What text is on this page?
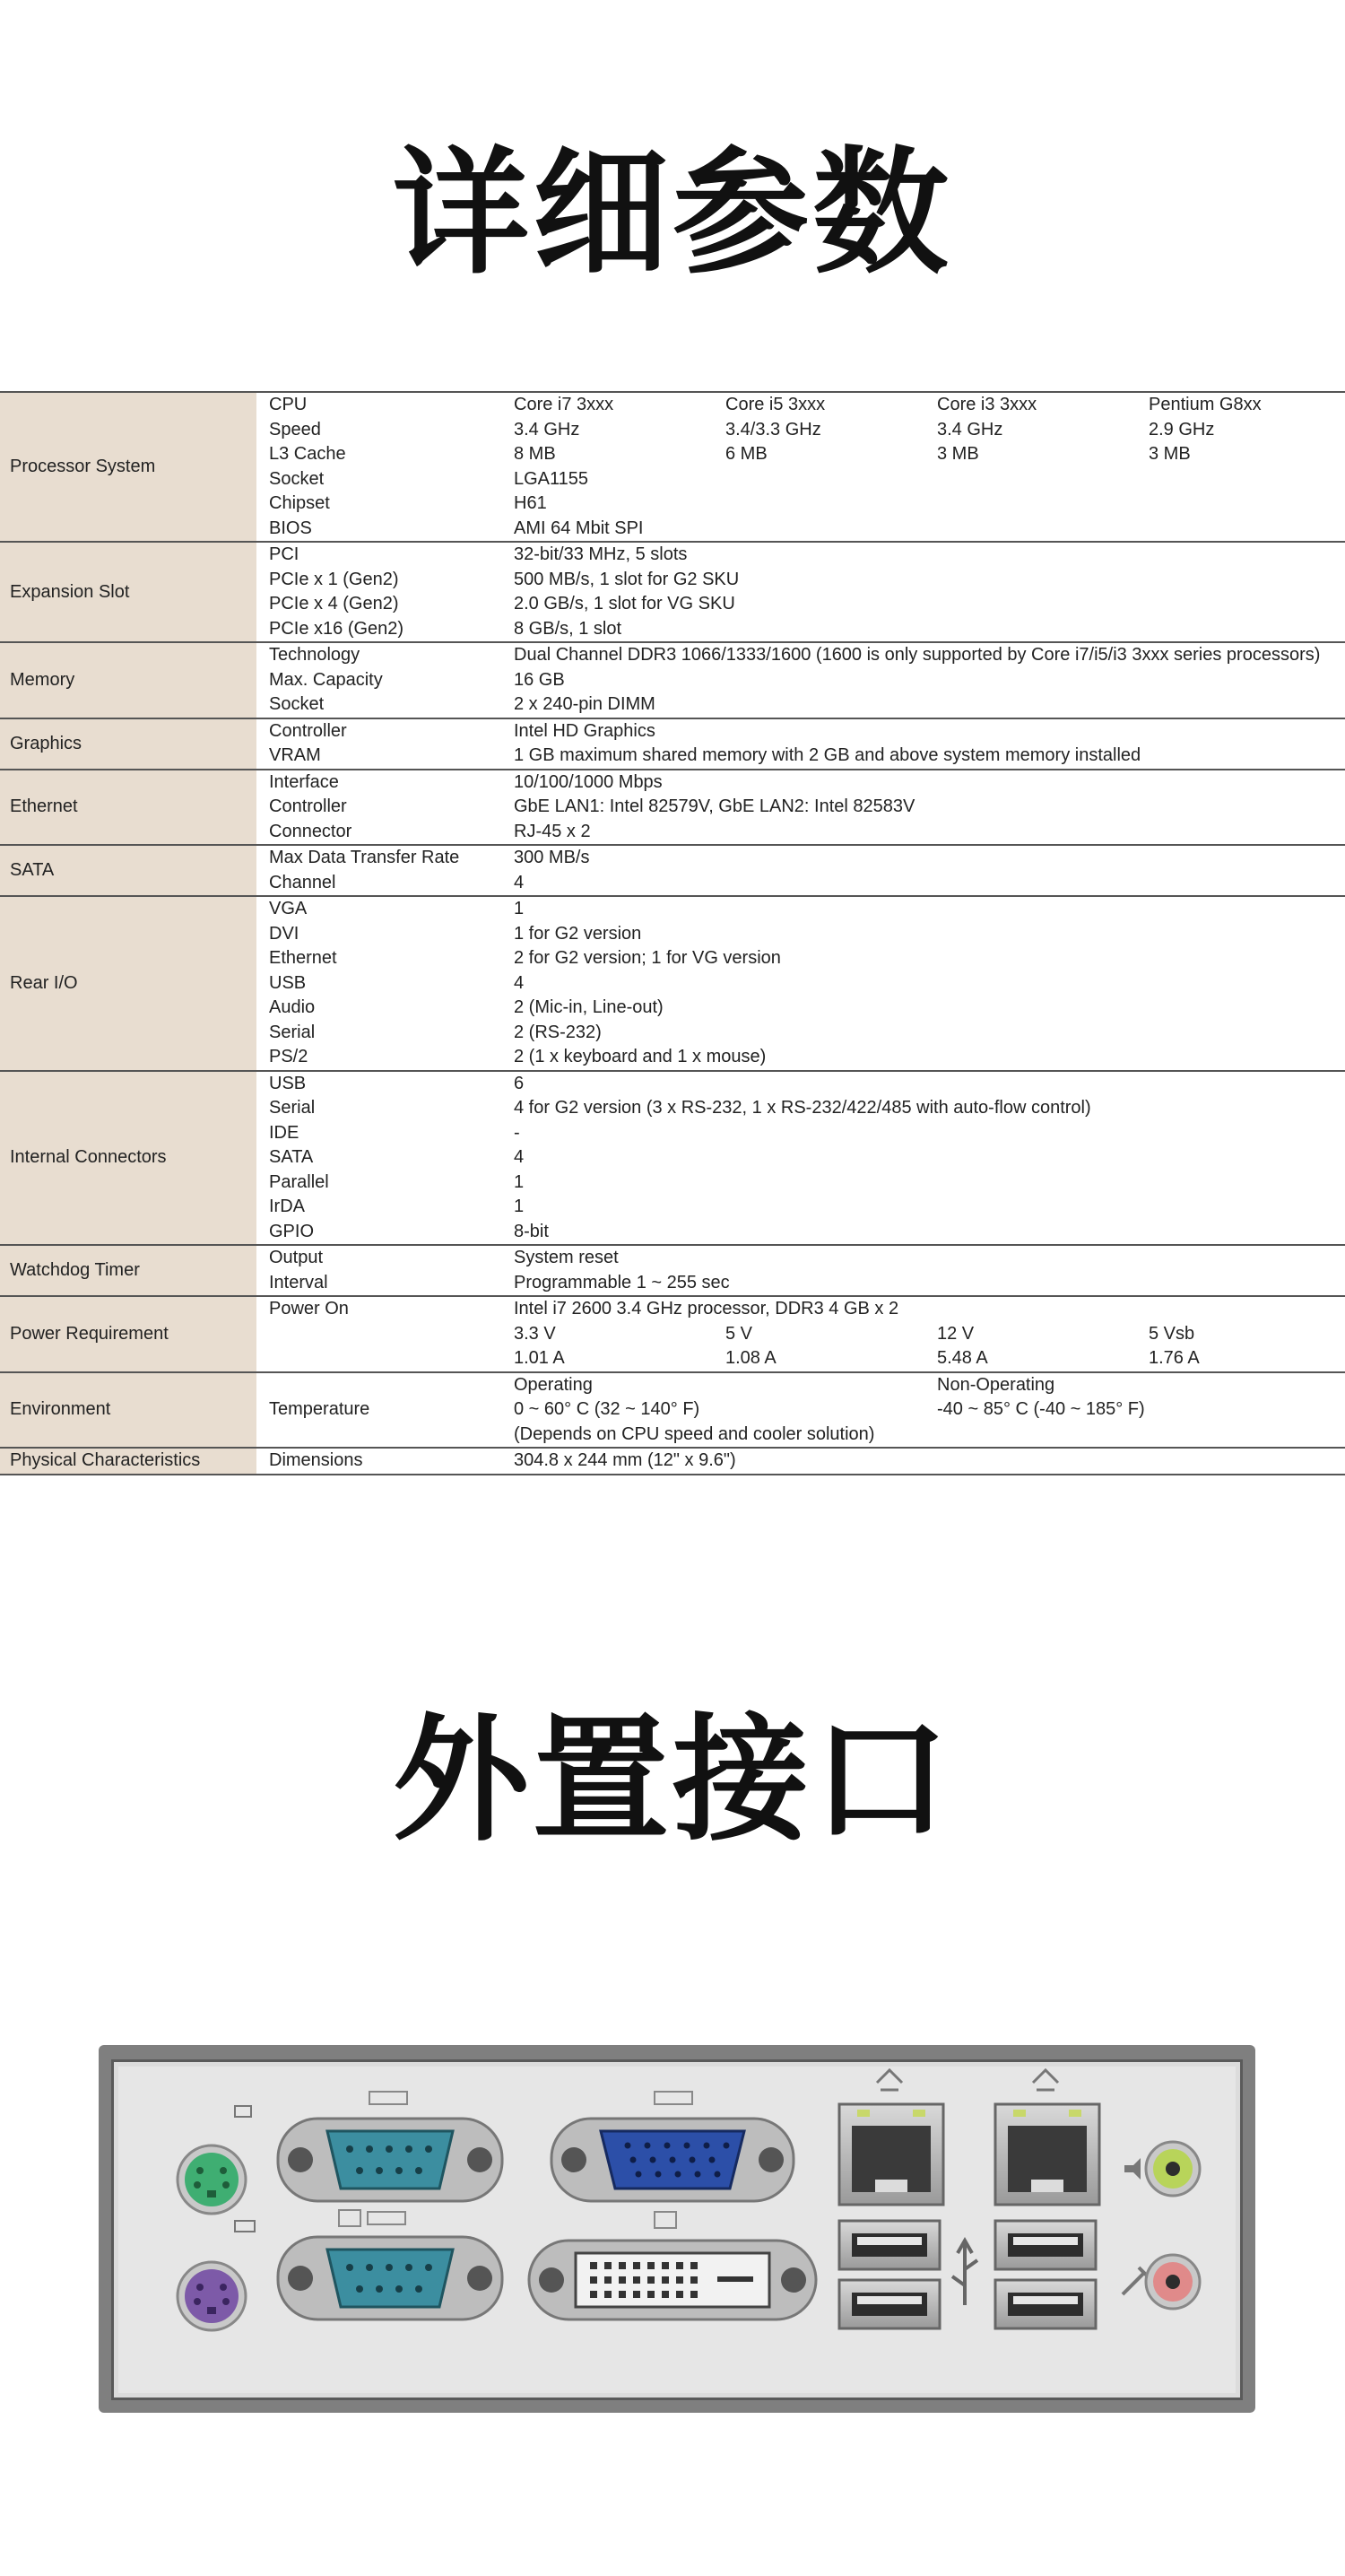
详细参数
Processor System
CPU	Core i7 3xxx	Core i5 3xxx	Core i3 3xxx	Pentium G8xx
Speed	3.4 GHz	3.4/3.3 GHz	3.4 GHz	2.9 GHz
L3 Cache	8 MB	6 MB	3 MB	3 MB
Socket	LGA1155
Chipset	H61
BIOS	AMI 64 Mbit SPI
Expansion Slot
PCI	32-bit/33 MHz, 5 slots
PCIe x 1 (Gen2)	500 MB/s, 1 slot for G2 SKU
PCIe x 4 (Gen2)	2.0 GB/s, 1 slot for VG SKU
PCIe x16 (Gen2)	8 GB/s, 1 slot
Memory
Technology	Dual Channel DDR3 1066/1333/1600 (1600 is only supported by Core i7/i5/i3 3xxx series processors)
Max. Capacity	16 GB
Socket	2 x 240-pin DIMM
Graphics
Controller	Intel HD Graphics
VRAM	1 GB maximum shared memory with 2 GB and above system memory installed
Ethernet
Interface	10/100/1000 Mbps
Controller	GbE LAN1: Intel 82579V, GbE LAN2: Intel 82583V
Connector	RJ-45 x 2
SATA
Max Data Transfer Rate	300 MB/s
Channel	4
Rear I/O
VGA	1
DVI	1 for G2 version
Ethernet	2 for G2 version; 1 for VG version
USB	4
Audio	2 (Mic-in, Line-out)
Serial	2 (RS-232)
PS/2	2 (1 x keyboard and 1 x mouse)
Internal Connectors
USB	6
Serial	4 for G2 version (3 x RS-232, 1 x RS-232/422/485 with auto-flow control)
IDE	-
SATA	4
Parallel	1
IrDA	1
GPIO	8-bit
Watchdog Timer
Output	System reset
Interval	Programmable 1 ~ 255 sec
Power Requirement
Power On	Intel i7 2600 3.4 GHz processor, DDR3 4 GB x 2
3.3 V	5 V	12 V	5 Vsb
1.01 A	1.08 A	5.48 A	1.76 A
Environment
Operating	Non-Operating
Temperature	0 ~ 60° C (32 ~ 140° F)	-40 ~ 85° C (-40 ~ 185° F)
(Depends on CPU speed and cooler solution)
Physical Characteristics	Dimensions	304.8 x 244 mm (12" x 9.6")
外置接口
